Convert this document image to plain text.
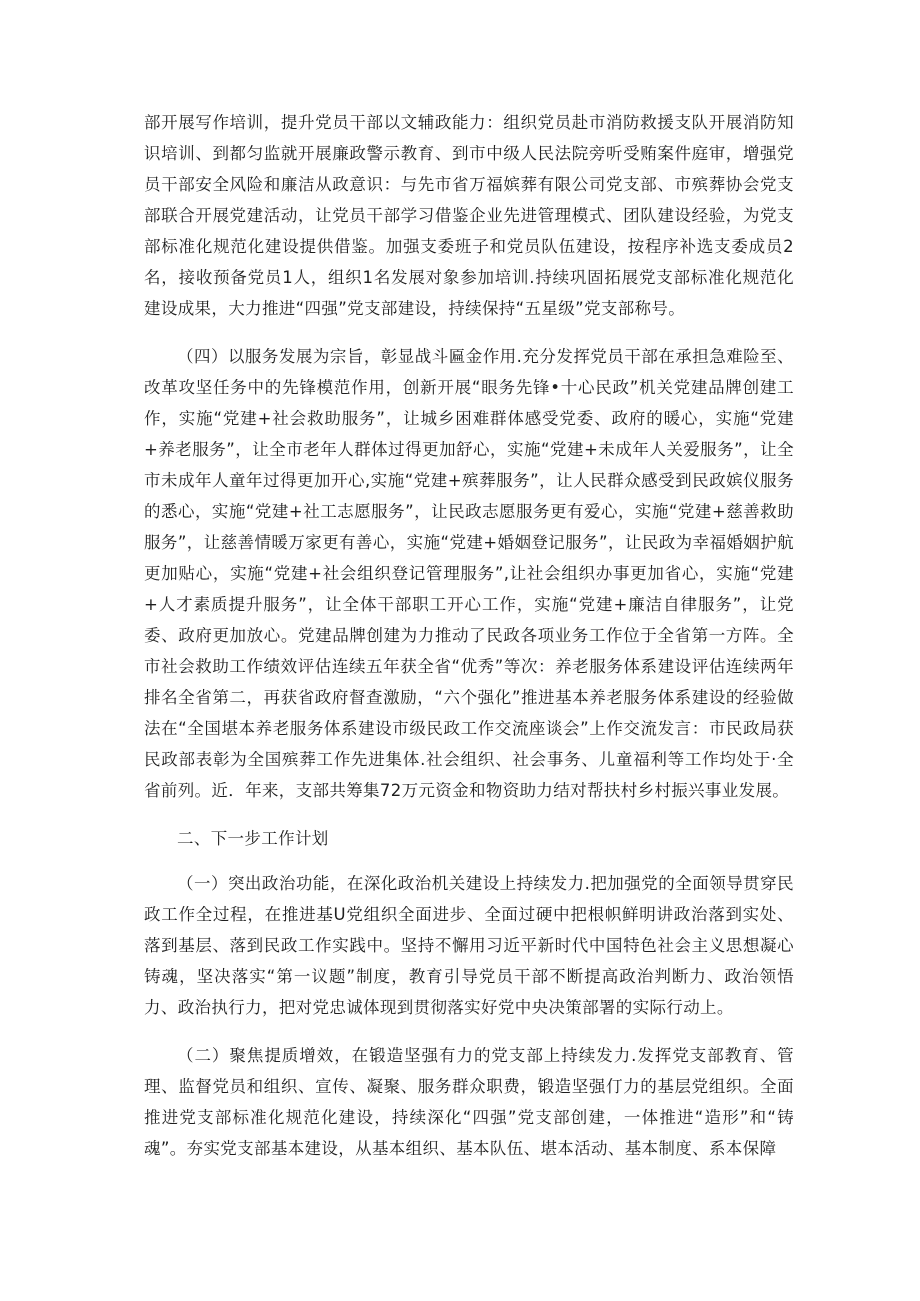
部开展写作培训，提升党员干部以文辅政能力：组织党员赴市消防救援支队开展消防知识培训、到都匀监就开展廉政警示教育、到市中级人民法院旁听受贿案件庭审，增强党员干部安全风险和廉洁从政意识：与先市省万福嫔葬有限公司党支部、市殡葬协会党支部联合开展党建活动，让党员干部学习借鉴企业先进管理模式、团队建设经验，为党支部标准化规范化建设提供借鉴。加强支委班子和党员队伍建设，按程序补选支委成员2名，接收预备党员1人，组织1名发展对象参加培训.持续巩固拓展党支部标准化规范化建设成果，大力推进“四强”党支部建设，持续保持“五星级”党支部称号。

（四）以服务发展为宗旨，彰显战斗匾金作用.充分发挥党员干部在承担急难险至、改革攻坚任务中的先锋模范作用，创新开展“眼务先锋•十心民政”机关党建品牌创建工作，实施“党建+社会救助服务”，让城乡困难群体感受党委、政府的暖心，实施“党建+养老服务”，让全市老年人群体过得更加舒心，实施“党建+未成年人关爱服务”，让全市未成年人童年过得更加开心,实施“党建+殡葬服务”，让人民群众感受到民政嫔仪服务的悉心，实施“党建+社工志愿服务”，让民政志愿服务更有爱心，实施“党建+慈善救助服务”，让慈善情暖万家更有善心，实施“党建+婚姻登记服务”，让民政为幸福婚姻护航更加贴心，实施“党建+社会组织登记管理服务”,让社会组织办事更加省心，实施“党建+人才素质提升服务”，让全体干部职工开心工作，实施“党建+廉洁自律服务”，让党委、政府更加放心。党建品牌创建为力推动了民政各项业务工作位于全省第一方阵。全市社会救助工作绩效评估连续五年获全省“优秀”等次：养老服务体系建设评估连续两年排名全省第二，再获省政府督查激励，“六个强化”推进基本养老服务体系建设的经验做法在“全国堪本养老服务体系建设市级民政工作交流座谈会”上作交流发言：市民政局获民政部表彰为全国殡葬工作先进集体.社会组织、社会事务、儿童福利等工作均处于·全省前列。近．年来，支部共筹集72万元资金和物资助力结对帮扶村乡村振兴事业发展。

二、下一步工作计划

（一）突出政治功能，在深化政治机关建设上持续发力.把加强党的全面领导贯穿民政工作全过程，在推进基U党组织全面进步、全面过硬中把根帜鲜明讲政治落到实处、落到基层、落到民政工作实践中。坚持不懈用习近平新时代中国特色社会主义思想凝心铸魂，坚决落实“第一议题”制度，教育引导党员干部不断提高政治判断力、政治领悟力、政治执行力，把对党忠诚体现到贯彻落实好党中央决策部署的实际行动上。

（二）聚焦提质增效，在锻造坚强有力的党支部上持续发力.发挥党支部教育、管理、监督党员和组织、宣传、凝聚、服务群众职费，锻造坚强仃力的基层党组织。全面推进党支部标准化规范化建设，持续深化“四强”党支部创建，一体推进“造形”和“铸魂”。夯实党支部基本建设，从基本组织、基本队伍、堪本活动、基本制度、系本保障
